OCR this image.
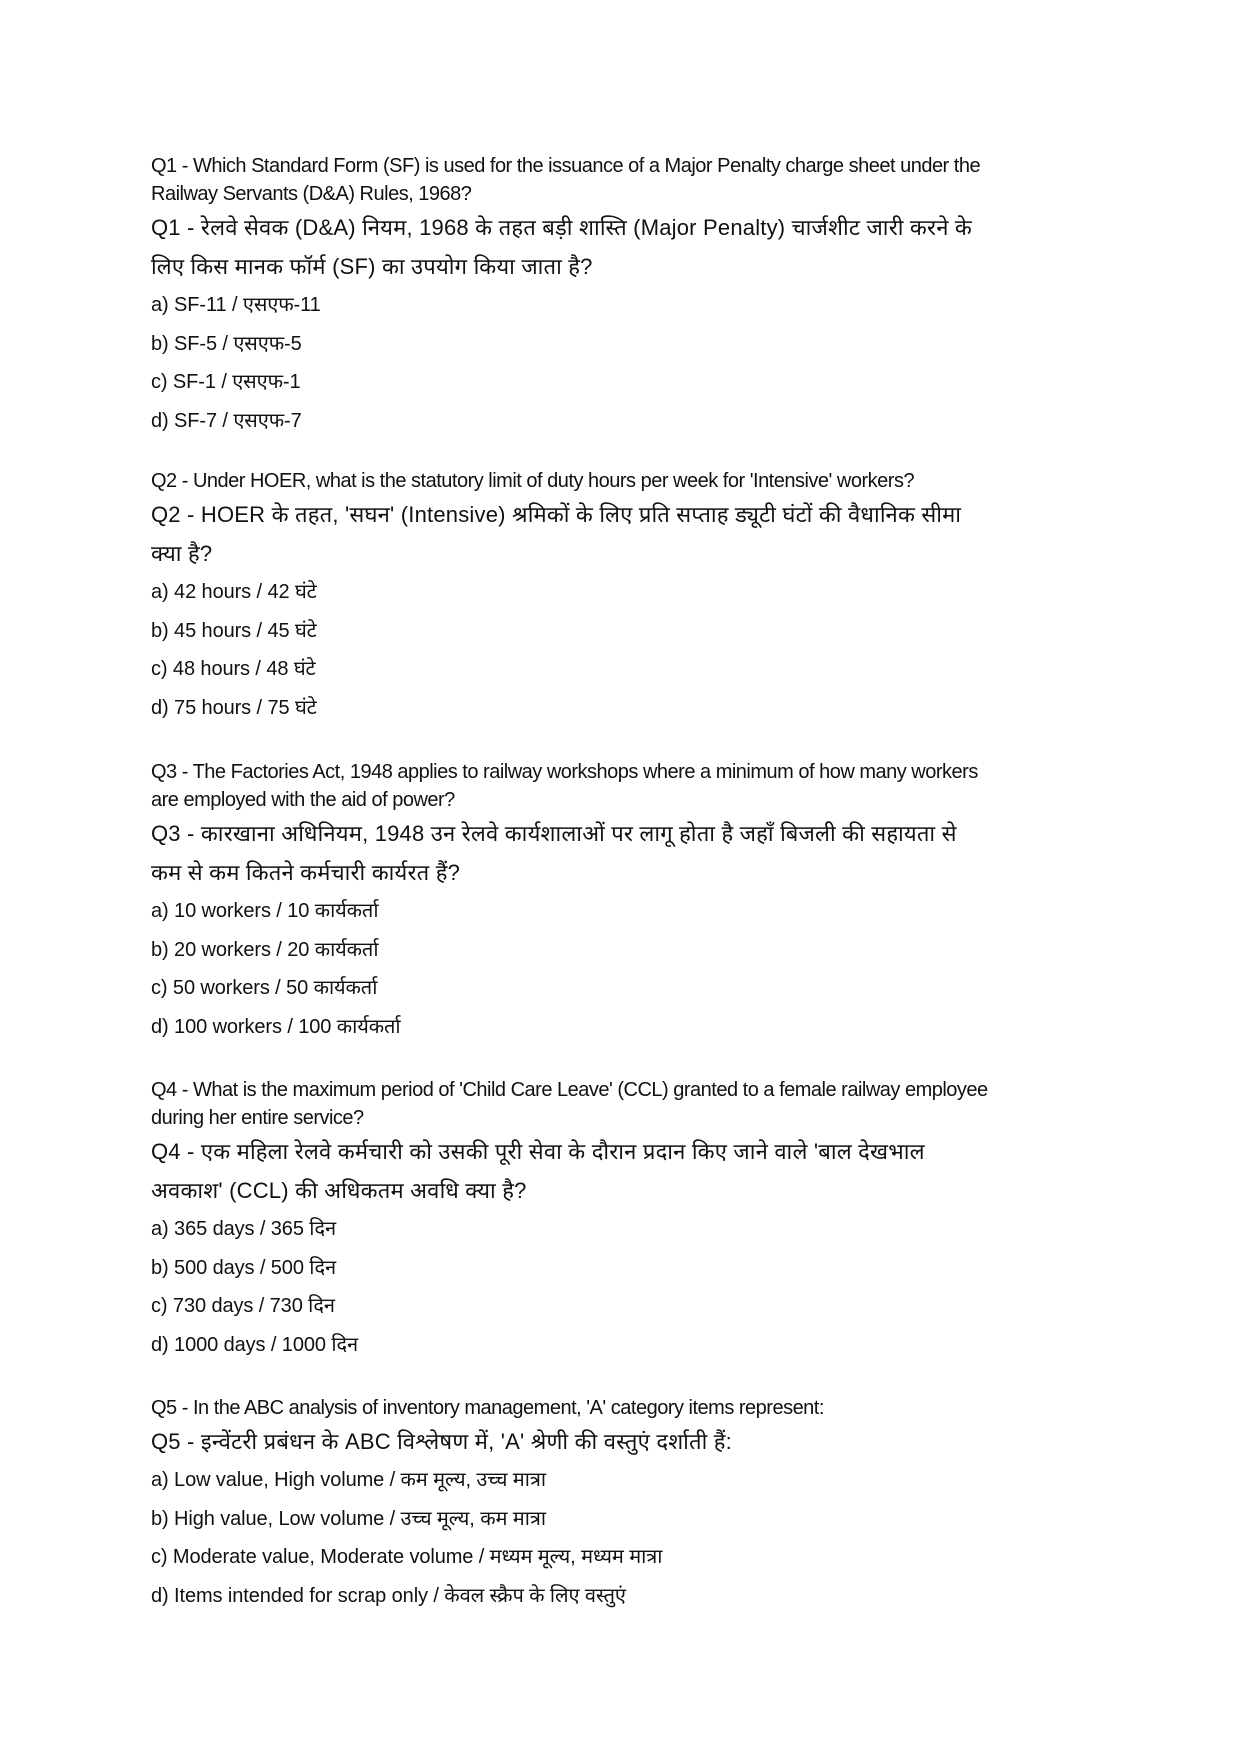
Q1 - Which Standard Form (SF) is used for the issuance of a Major Penalty charge sheet under the
Railway Servants (D&A) Rules, 1968?
Q1 - रेलवे सेवक (D&A) नियम, 1968 के तहत बड़ी शास्ति (Major Penalty) चार्जशीट जारी करने के
लिए किस मानक फॉर्म (SF) का उपयोग किया जाता है?
a) SF-11 / एसएफ-11
b) SF-5 / एसएफ-5
c) SF-1 / एसएफ-1
d) SF-7 / एसएफ-7
Q2 - Under HOER, what is the statutory limit of duty hours per week for 'Intensive' workers?
Q2 - HOER के तहत, 'सघन' (Intensive) श्रमिकों के लिए प्रति सप्ताह ड्यूटी घंटों की वैधानिक सीमा
क्या है?
a) 42 hours / 42 घंटे
b) 45 hours / 45 घंटे
c) 48 hours / 48 घंटे
d) 75 hours / 75 घंटे
Q3 - The Factories Act, 1948 applies to railway workshops where a minimum of how many workers
are employed with the aid of power?
Q3 - कारखाना अधिनियम, 1948 उन रेलवे कार्यशालाओं पर लागू होता है जहाँ बिजली की सहायता से
कम से कम कितने कर्मचारी कार्यरत हैं?
a) 10 workers / 10 कार्यकर्ता
b) 20 workers / 20 कार्यकर्ता
c) 50 workers / 50 कार्यकर्ता
d) 100 workers / 100 कार्यकर्ता
Q4 - What is the maximum period of 'Child Care Leave' (CCL) granted to a female railway employee
during her entire service?
Q4 - एक महिला रेलवे कर्मचारी को उसकी पूरी सेवा के दौरान प्रदान किए जाने वाले 'बाल देखभाल
अवकाश' (CCL) की अधिकतम अवधि क्या है?
a) 365 days / 365 दिन
b) 500 days / 500 दिन
c) 730 days / 730 दिन
d) 1000 days / 1000 दिन
Q5 - In the ABC analysis of inventory management, 'A' category items represent:
Q5 - इन्वेंटरी प्रबंधन के ABC विश्लेषण में, 'A' श्रेणी की वस्तुएं दर्शाती हैं:
a) Low value, High volume / कम मूल्य, उच्च मात्रा
b) High value, Low volume / उच्च मूल्य, कम मात्रा
c) Moderate value, Moderate volume / मध्यम मूल्य, मध्यम मात्रा
d) Items intended for scrap only / केवल स्क्रैप के लिए वस्तुएं
